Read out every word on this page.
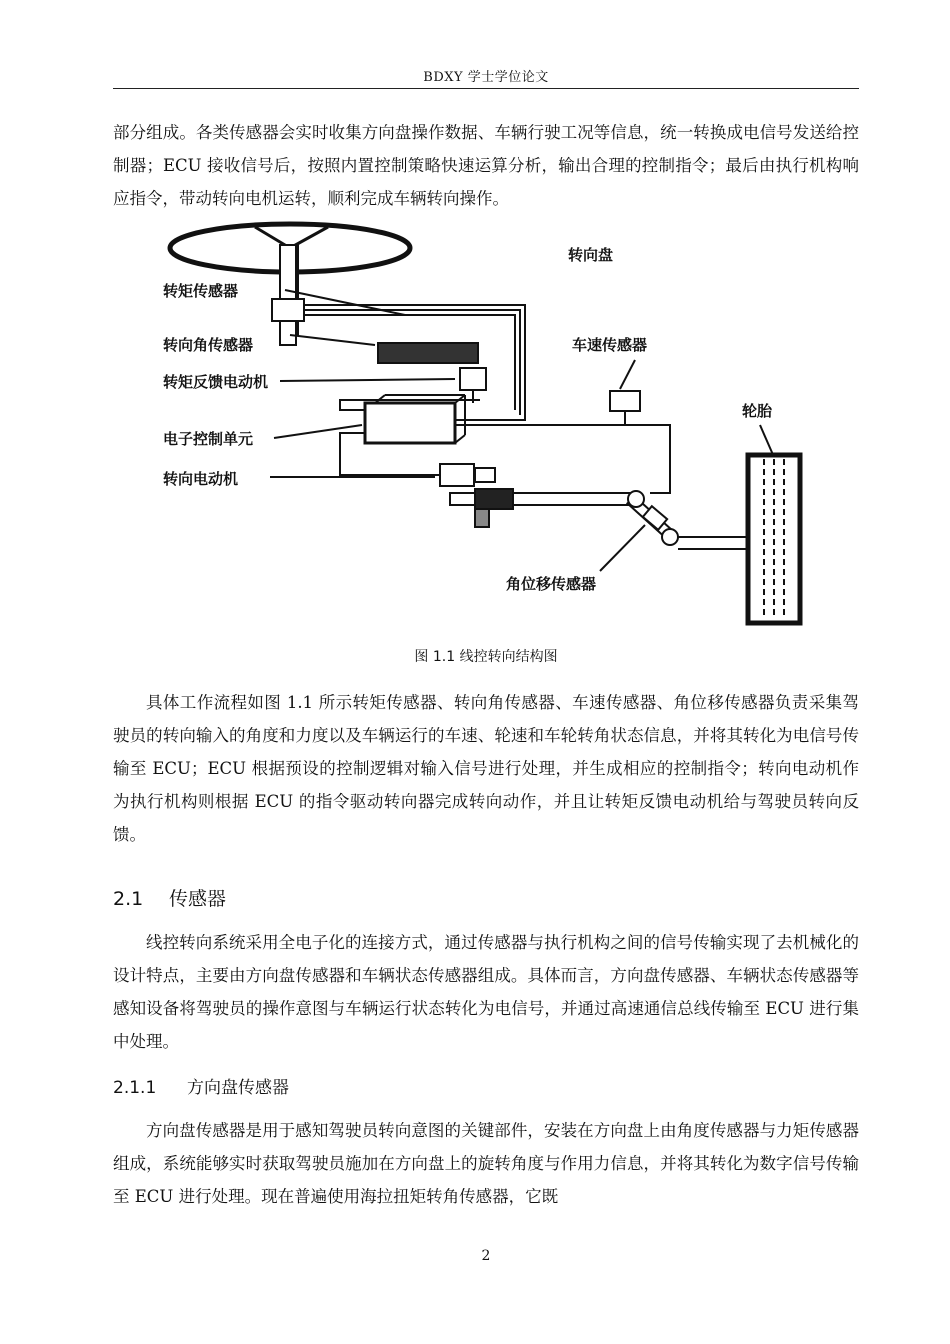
BDXY 学士学位论文

部分组成。各类传感器会实时收集方向盘操作数据、车辆行驶工况等信息，统一转换成电信号发送给控制器；ECU 接收信号后，按照内置控制策略快速运算分析，输出合理的控制指令；最后由执行机构响应指令，带动转向电机运转，顺利完成车辆转向操作。

转向盘
转矩传感器
转向角传感器
转矩反馈电动机
电子控制单元
转向电动机
车速传感器
轮胎
角位移传感器
图 1.1 线控转向结构图

具体工作流程如图 1.1 所示转矩传感器、转向角传感器、车速传感器、角位移传感器负责采集驾驶员的转向输入的角度和力度以及车辆运行的车速、轮速和车轮转角状态信息，并将其转化为电信号传输至 ECU；ECU 根据预设的控制逻辑对输入信号进行处理，并生成相应的控制指令；转向电动机作为执行机构则根据 ECU 的指令驱动转向器完成转向动作，并且让转矩反馈电动机给与驾驶员转向反馈。

2.1 传感器

线控转向系统采用全电子化的连接方式，通过传感器与执行机构之间的信号传输实现了去机械化的设计特点，主要由方向盘传感器和车辆状态传感器组成。具体而言，方向盘传感器、车辆状态传感器等感知设备将驾驶员的操作意图与车辆运行状态转化为电信号，并通过高速通信总线传输至 ECU 进行集中处理。

2.1.1 方向盘传感器

方向盘传感器是用于感知驾驶员转向意图的关键部件，安装在方向盘上由角度传感器与力矩传感器组成，系统能够实时获取驾驶员施加在方向盘上的旋转角度与作用力信息，并将其转化为数字信号传输至 ECU 进行处理。现在普遍使用海拉扭矩转角传感器，它既

2
